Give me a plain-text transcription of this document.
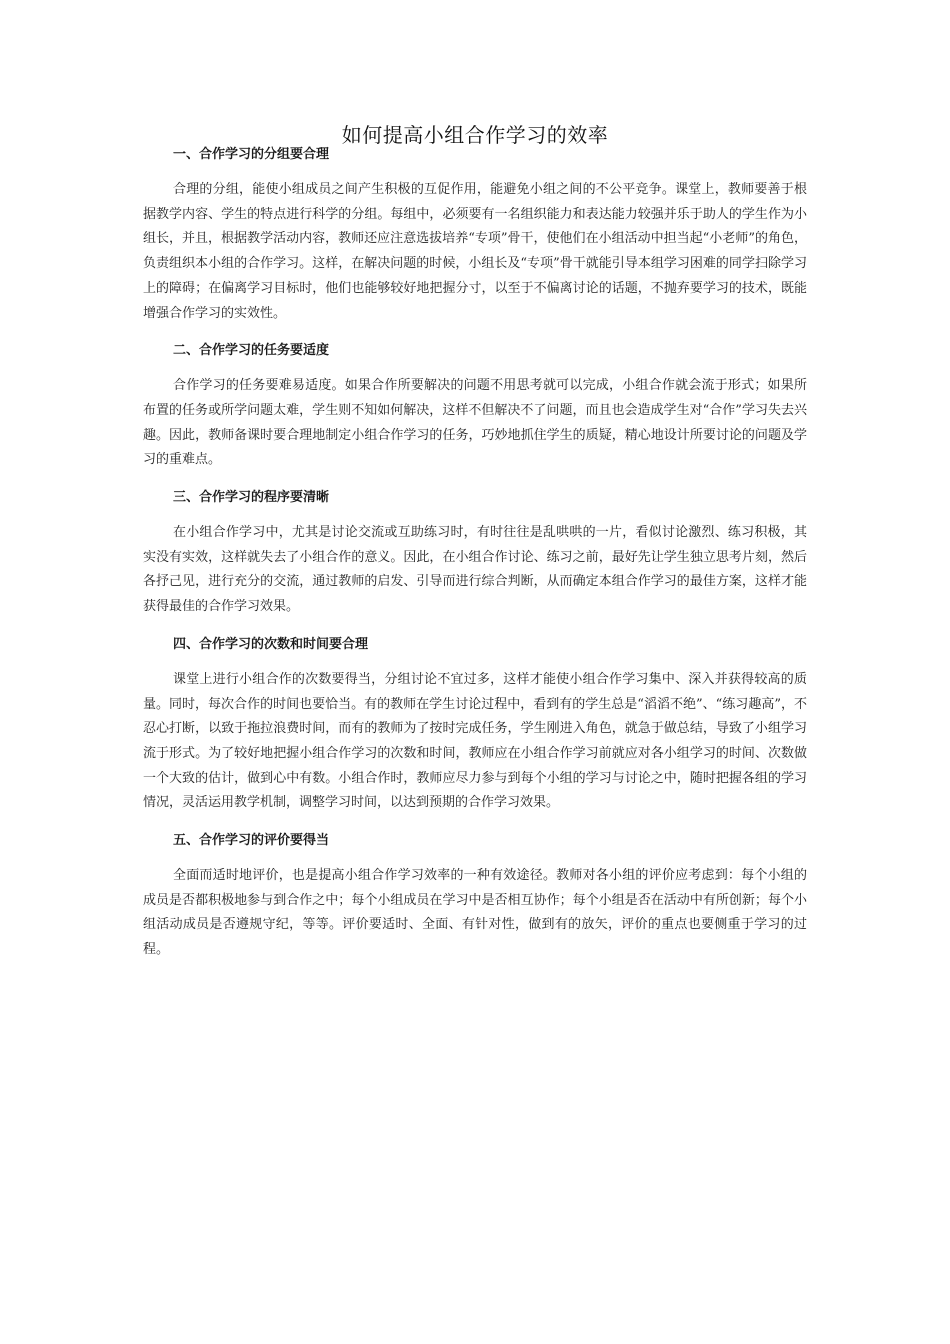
如何提高小组合作学习的效率
一、合作学习的分组要合理

合理的分组，能使小组成员之间产生积极的互促作用，能避免小组之间的不公平竞争。课堂上，教师要善于根据教学内容、学生的特点进行科学的分组。每组中，必须要有一名组织能力和表达能力较强并乐于助人的学生作为小组长，并且，根据教学活动内容，教师还应注意选拔培养“专项”骨干，使他们在小组活动中担当起“小老师”的角色，负责组织本小组的合作学习。这样，在解决问题的时候，小组长及“专项”骨干就能引导本组学习困难的同学扫除学习上的障碍；在偏离学习目标时，他们也能够较好地把握分寸，以至于不偏离讨论的话题，不抛弃要学习的技术，既能增强合作学习的实效性。

二、合作学习的任务要适度

合作学习的任务要难易适度。如果合作所要解决的问题不用思考就可以完成，小组合作就会流于形式；如果所布置的任务或所学问题太难，学生则不知如何解决，这样不但解决不了问题，而且也会造成学生对“合作”学习失去兴趣。因此，教师备课时要合理地制定小组合作学习的任务，巧妙地抓住学生的质疑，精心地设计所要讨论的问题及学习的重难点。

三、合作学习的程序要清晰

在小组合作学习中，尤其是讨论交流或互助练习时，有时往往是乱哄哄的一片，看似讨论激烈、练习积极，其实没有实效，这样就失去了小组合作的意义。因此，在小组合作讨论、练习之前，最好先让学生独立思考片刻，然后各抒己见，进行充分的交流，通过教师的启发、引导而进行综合判断，从而确定本组合作学习的最佳方案，这样才能获得最佳的合作学习效果。

四、合作学习的次数和时间要合理

课堂上进行小组合作的次数要得当，分组讨论不宜过多，这样才能使小组合作学习集中、深入并获得较高的质量。同时，每次合作的时间也要恰当。有的教师在学生讨论过程中，看到有的学生总是“滔滔不绝”、“练习趣高”，不忍心打断，以致于拖拉浪费时间，而有的教师为了按时完成任务，学生刚进入角色，就急于做总结，导致了小组学习流于形式。为了较好地把握小组合作学习的次数和时间，教师应在小组合作学习前就应对各小组学习的时间、次数做一个大致的估计，做到心中有数。小组合作时，教师应尽力参与到每个小组的学习与讨论之中，随时把握各组的学习情况，灵活运用教学机制，调整学习时间，以达到预期的合作学习效果。

五、合作学习的评价要得当

全面而适时地评价，也是提高小组合作学习效率的一种有效途径。教师对各小组的评价应考虑到：每个小组的成员是否都积极地参与到合作之中；每个小组成员在学习中是否相互协作；每个小组是否在活动中有所创新；每个小组活动成员是否遵规守纪，等等。评价要适时、全面、有针对性，做到有的放矢，评价的重点也要侧重于学习的过程。
